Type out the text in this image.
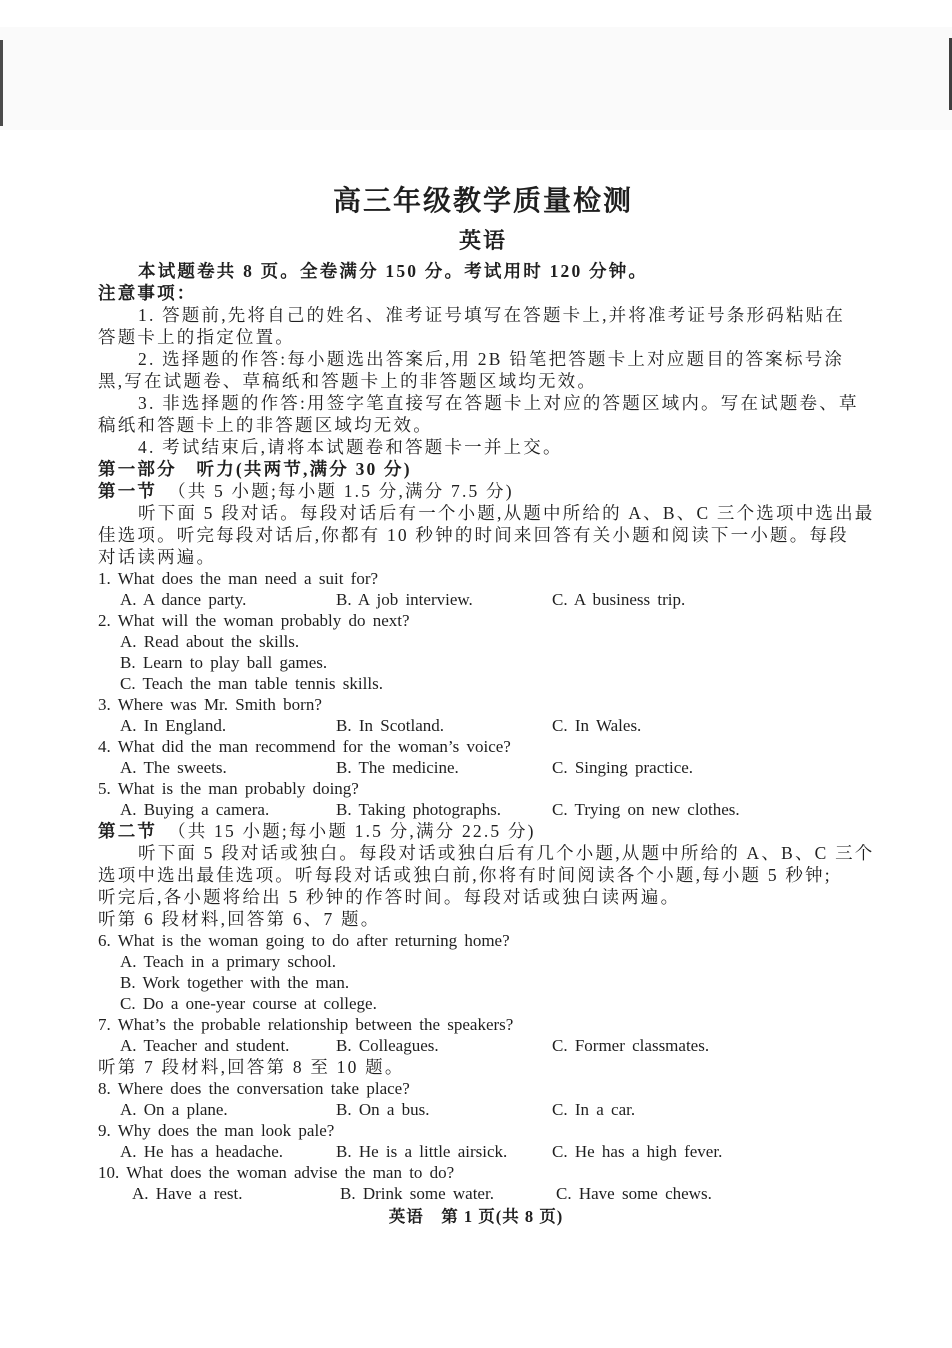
高三年级教学质量检测
英语
本试题卷共 8 页。全卷满分 150 分。考试用时 120 分钟。
注意事项：
1. 答题前,先将自己的姓名、准考证号填写在答题卡上,并将准考证号条形码粘贴在
答题卡上的指定位置。
2. 选择题的作答:每小题选出答案后,用 2B 铅笔把答题卡上对应题目的答案标号涂
黑,写在试题卷、草稿纸和答题卡上的非答题区域均无效。
3. 非选择题的作答:用签字笔直接写在答题卡上对应的答题区域内。写在试题卷、草
稿纸和答题卡上的非答题区域均无效。
4. 考试结束后,请将本试题卷和答题卡一并上交。
第一部分　听力(共两节,满分 30 分)
第一节　 （共 5 小题;每小题 1.5 分,满分 7.5 分)
听下面 5 段对话。每段对话后有一个小题,从题中所给的 A、B、C 三个选项中选出最
佳选项。听完每段对话后,你都有 10 秒钟的时间来回答有关小题和阅读下一小题。每段
对话读两遍。
1. What does the man need a suit for?
A. A dance party.	B. A job interview.	C. A business trip.
2. What will the woman probably do next?
A. Read about the skills.
B. Learn to play ball games.
C. Teach the man table tennis skills.
3. Where was Mr. Smith born?
A. In England.	B. In Scotland.	C. In Wales.
4. What did the man recommend for the woman’s voice?
A. The sweets.	B. The medicine.	C. Singing practice.
5. What is the man probably doing?
A. Buying a camera.	B. Taking photographs.	C. Trying on new clothes.
第二节　 （共 15 小题;每小题 1.5 分,满分 22.5 分)
听下面 5 段对话或独白。每段对话或独白后有几个小题,从题中所给的 A、B、C 三个
选项中选出最佳选项。听每段对话或独白前,你将有时间阅读各个小题,每小题 5 秒钟;
听完后,各小题将给出 5 秒钟的作答时间。每段对话或独白读两遍。
听第 6 段材料,回答第 6、7 题。
6. What is the woman going to do after returning home?
A. Teach in a primary school.
B. Work together with the man.
C. Do a one-year course at college.
7. What’s the probable relationship between the speakers?
A. Teacher and student.	B. Colleagues.	C. Former classmates.
听第 7 段材料,回答第 8 至 10 题。
8. Where does the conversation take place?
A. On a plane.	B. On a bus.	C. In a car.
9. Why does the man look pale?
A. He has a headache.	B. He is a little airsick.	C. He has a high fever.
10. What does the woman advise the man to do?
A. Have a rest.	B. Drink some water.	C. Have some chews.
英语　第 1 页(共 8 页)
